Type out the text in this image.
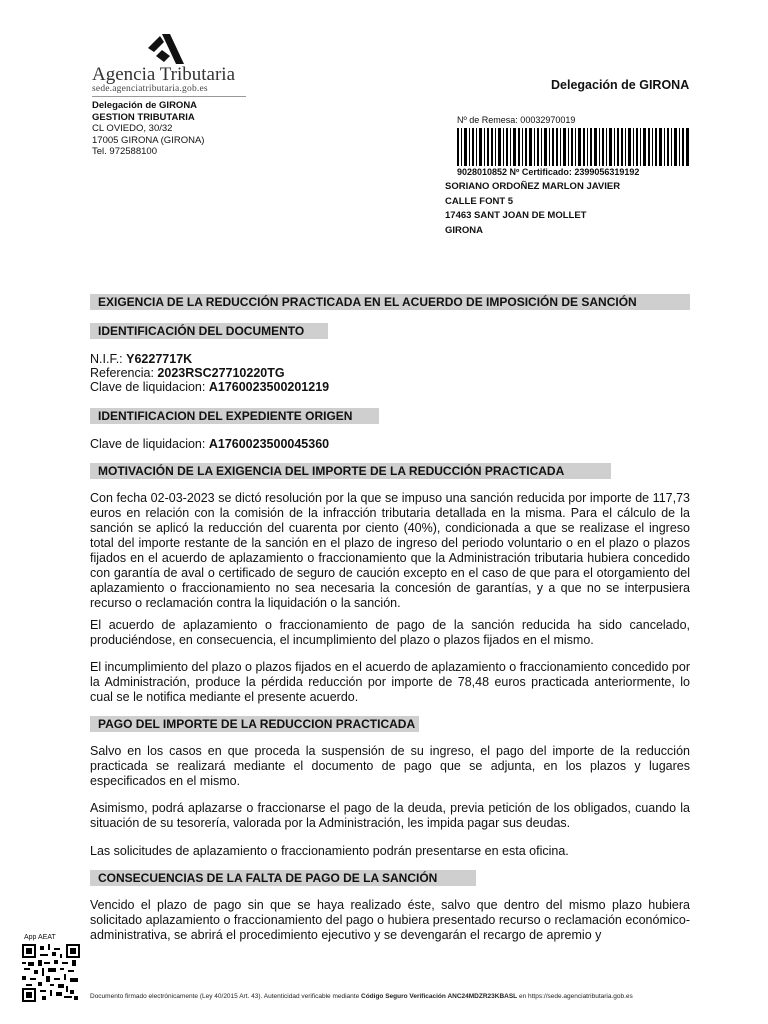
Agencia Tributaria
sede.agenciatributaria.gob.es	Delegación de GIRONA
Delegación de GIRONA
GESTION TRIBUTARIA
CL OVIEDO, 30/32
17005 GIRONA (GIRONA)
Tel. 972588100
Nº de Remesa: 00032970019
9028010852 Nº Certificado: 2399056319192
SORIANO ORDOÑEZ MARLON JAVIER
CALLE FONT 5
17463 SANT JOAN DE MOLLET
GIRONA
EXIGENCIA DE LA REDUCCIÓN PRACTICADA EN EL ACUERDO DE IMPOSICIÓN DE SANCIÓN
IDENTIFICACIÓN DEL DOCUMENTO
N.I.F.: Y6227717K
Referencia: 2023RSC27710220TG
Clave de liquidacion: A1760023500201219
IDENTIFICACION DEL EXPEDIENTE ORIGEN
Clave de liquidacion: A1760023500045360
MOTIVACIÓN DE LA EXIGENCIA DEL IMPORTE DE LA REDUCCIÓN PRACTICADA
Con fecha 02-03-2023 se dictó resolución por la que se impuso una sanción reducida por importe de 117,73 euros en relación con la comisión de la infracción tributaria detallada en la misma. Para el cálculo de la sanción se aplicó la reducción del cuarenta por ciento (40%), condicionada a que se realizase el ingreso total del importe restante de la sanción en el plazo de ingreso del periodo voluntario o en el plazo o plazos fijados en el acuerdo de aplazamiento o fraccionamiento que la Administración tributaria hubiera concedido con garantía de aval o certificado de seguro de caución excepto en el caso de que para el otorgamiento del aplazamiento o fraccionamiento no sea necesaria la concesión de garantías, y a que no se interpusiera recurso o reclamación contra la liquidación o la sanción.
El acuerdo de aplazamiento o fraccionamiento de pago de la sanción reducida ha sido cancelado, produciéndose, en consecuencia, el incumplimiento del plazo o plazos fijados en el mismo.
El incumplimiento del plazo o plazos fijados en el acuerdo de aplazamiento o fraccionamiento concedido por la Administración, produce la pérdida reducción por importe de 78,48 euros practicada anteriormente, lo cual se le notifica mediante el presente acuerdo.
PAGO DEL IMPORTE DE LA REDUCCION PRACTICADA
Salvo en los casos en que proceda la suspensión de su ingreso, el pago del importe de la reducción practicada se realizará mediante el documento de pago que se adjunta, en los plazos y lugares especificados en el mismo.
Asimismo, podrá aplazarse o fraccionarse el pago de la deuda, previa petición de los obligados, cuando la situación de su tesorería, valorada por la Administración, les impida pagar sus deudas.
Las solicitudes de aplazamiento o fraccionamiento podrán presentarse en esta oficina.
CONSECUENCIAS DE LA FALTA DE PAGO DE LA SANCIÓN
Vencido el plazo de pago sin que se haya realizado éste, salvo que dentro del mismo plazo hubiera solicitado aplazamiento o fraccionamiento del pago o hubiera presentado recurso o reclamación económico-administrativa, se abrirá el procedimiento ejecutivo y se devengarán el recargo de apremio y
App AEAT
Documento firmado electrónicamente (Ley 40/2015 Art. 43). Autenticidad verificable mediante Código Seguro Verificación ANC24MDZR23KBASL en https://sede.agenciatributaria.gob.es
